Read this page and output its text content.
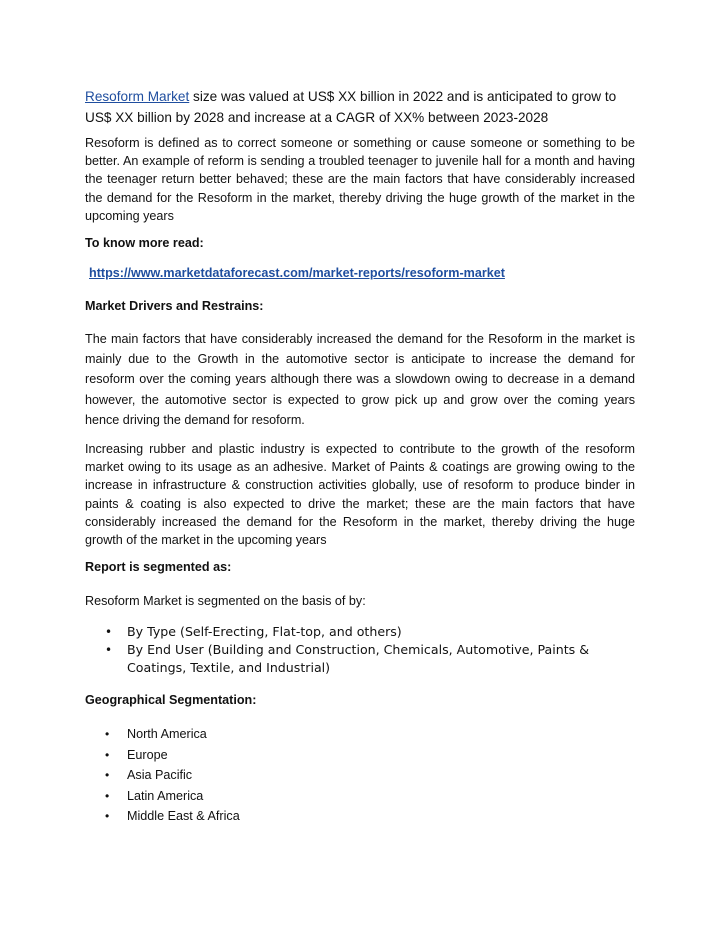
Resoform Market size was valued at US$ XX billion in 2022 and is anticipated to grow to US$ XX billion by 2028 and increase at a CAGR of XX% between 2023-2028

Resoform is defined as to correct someone or something or cause someone or something to be better. An example of reform is sending a troubled teenager to juvenile hall for a month and having the teenager return better behaved; these are the main factors that have considerably increased the demand for the Resoform in the market, thereby driving the huge growth of the market in the upcoming years

To know more read:
https://www.marketdataforecast.com/market-reports/resoform-market
Market Drivers and Restrains:

The main factors that have considerably increased the demand for the Resoform in the market is mainly due to the Growth in the automotive sector is anticipate to increase the demand for resoform over the coming years although there was a slowdown owing to decrease in a demand however, the automotive sector is expected to grow pick up and grow over the coming years hence driving the demand for resoform.

Increasing rubber and plastic industry is expected to contribute to the growth of the resoform market owing to its usage as an adhesive. Market of Paints & coatings are growing owing to the increase in infrastructure & construction activities globally, use of resoform to produce binder in paints & coating is also expected to drive the market; these are the main factors that have considerably increased the demand for the Resoform in the market, thereby driving the huge growth of the market in the upcoming years

Report is segmented as:

Resoform Market is segmented on the basis of by:

• By Type (Self-Erecting, Flat-top, and others)
• By End User (Building and Construction, Chemicals, Automotive, Paints & Coatings, Textile, and Industrial)
Geographical Segmentation:
• North America
• Europe
• Asia Pacific
• Latin America
• Middle East & Africa
